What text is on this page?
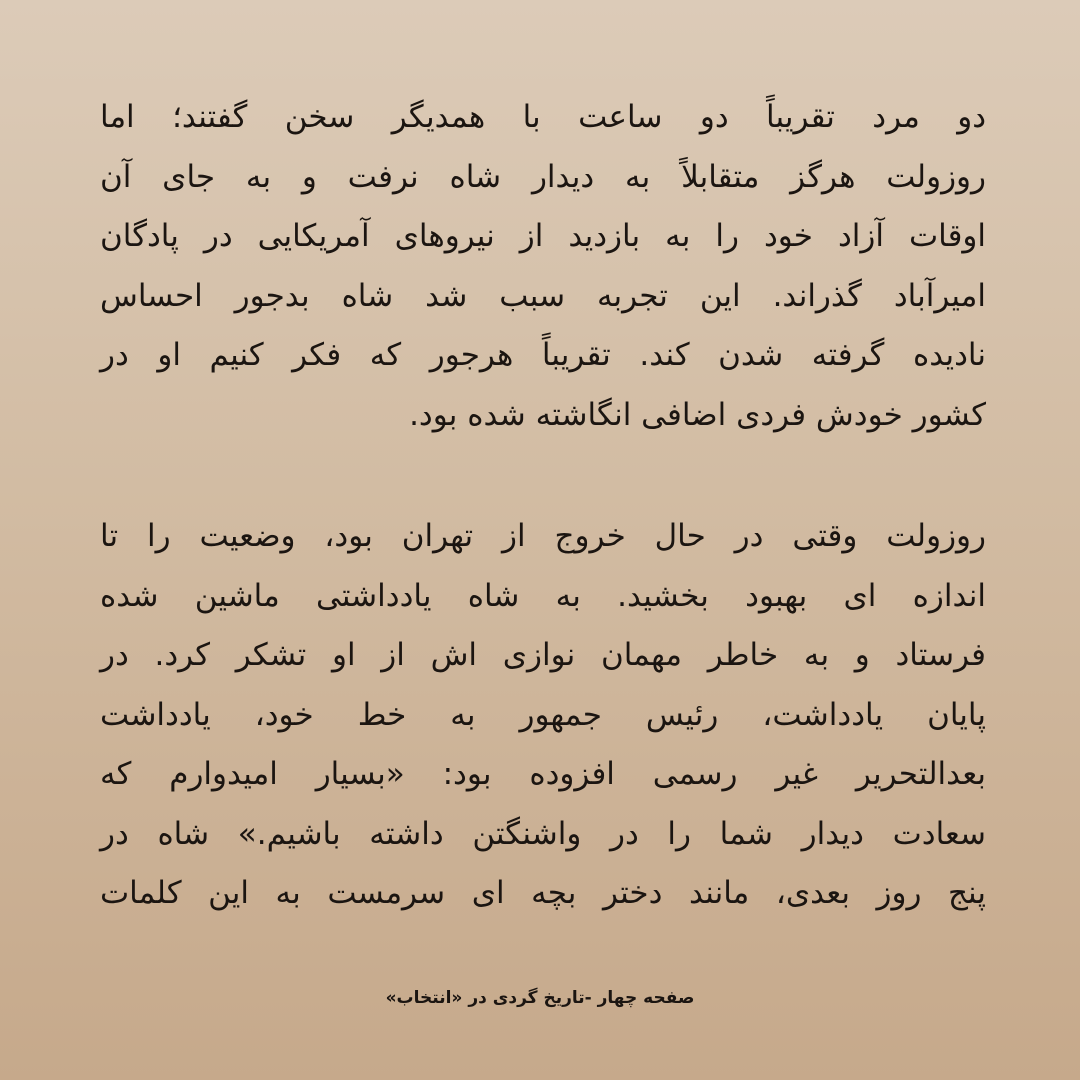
دو مرد تقریباً دو ساعت با همدیگر سخن گفتند؛ اما
روزولت هرگز متقابلاً به دیدار شاه نرفت و به جای آن
اوقات آزاد خود را به بازدید از نیروهای آمریکایی در پادگان
امیرآباد گذراند. این تجربه سبب شد شاه بدجور احساس
نادیده گرفته شدن کند. تقریباً هرجور که فکر کنیم او در
کشور خودش فردی اضافی انگاشته شده بود.

روزولت وقتی در حال خروج از تهران بود، وضعیت را تا
اندازه ای بهبود بخشید. به شاه یادداشتی ماشین شده
فرستاد و به خاطر مهمان نوازی اش از او تشکر کرد. در
پایان یادداشت، رئیس جمهور به خط خود، یادداشت
بعدالتحریر غیر رسمی افزوده بود: «بسیار امیدوارم که
سعادت دیدار شما را در واشنگتن داشته باشیم.» شاه در
پنج روز بعدی، مانند دختر بچه ای سرمست به این کلمات

صفحه چهار -تاریخ گردی در «انتخاب»
